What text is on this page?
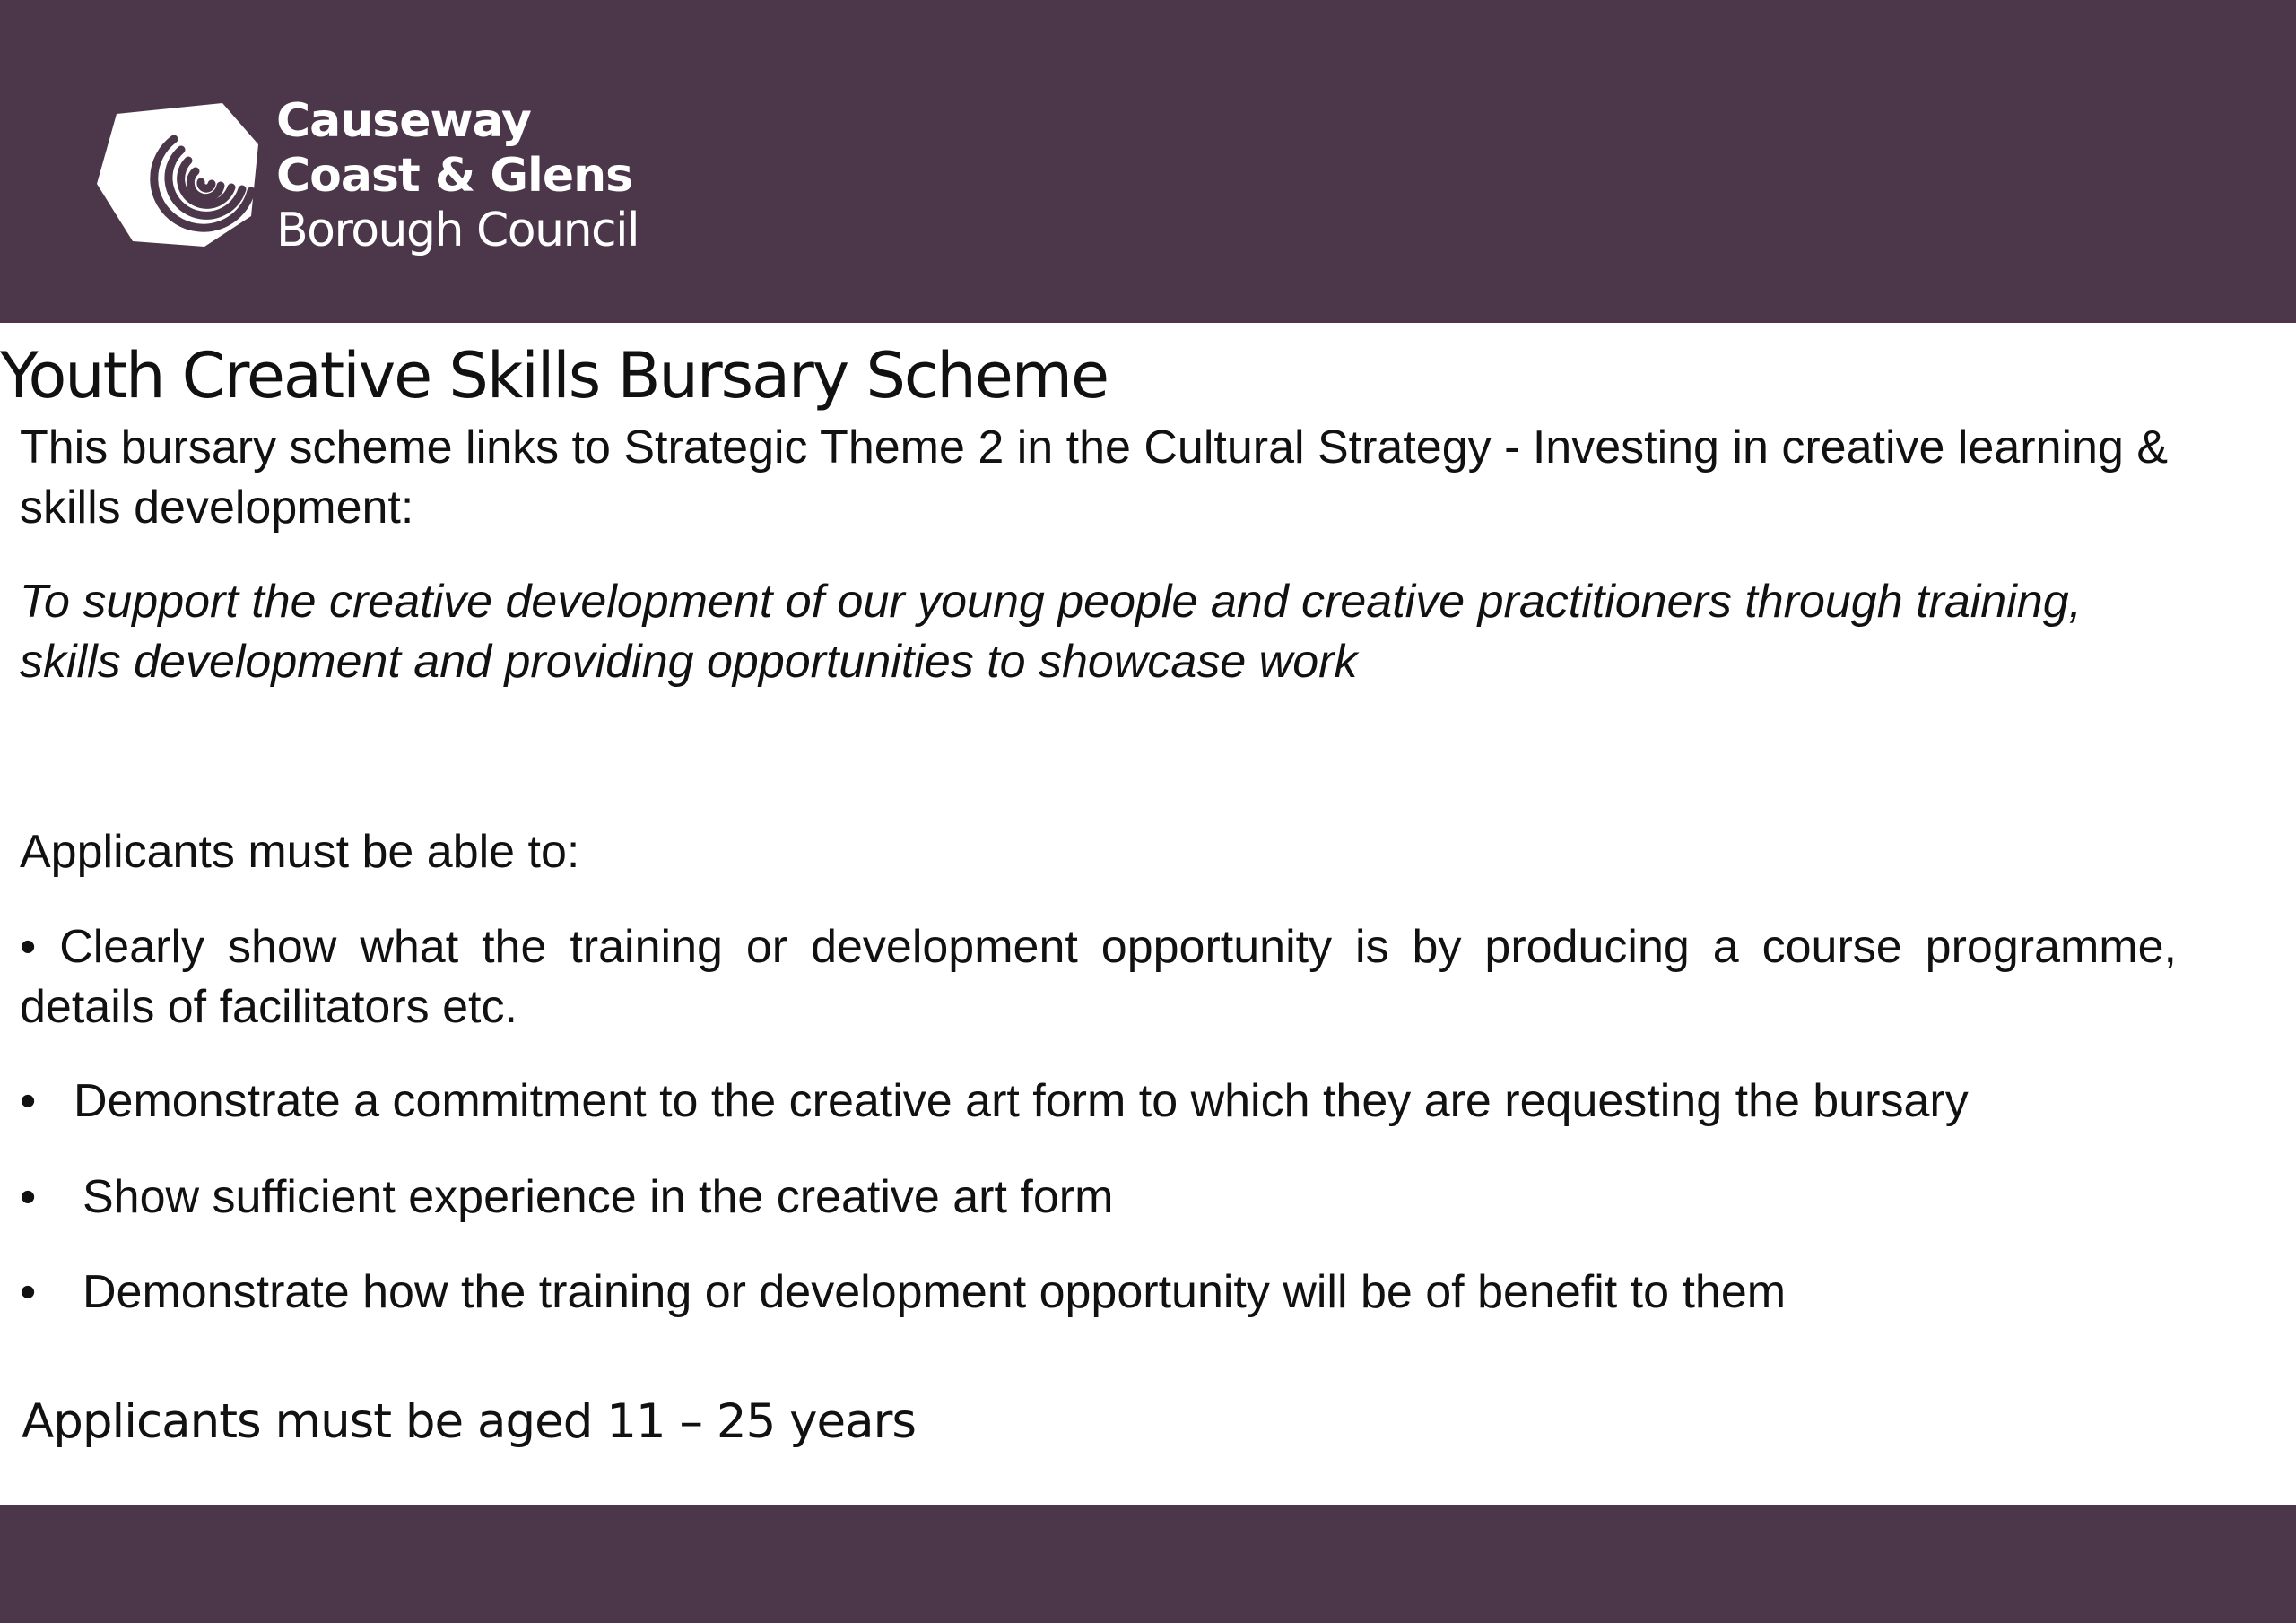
Causeway
Coast & Glens
Borough Council
Youth Creative Skills Bursary Scheme

This bursary scheme links to Strategic Theme 2 in the Cultural Strategy - Investing in creative learning & skills development:

To support the creative development of our young people and creative practitioners through training, skills development and providing opportunities to showcase work

Applicants must be able to:

• Clearly show what the training or development opportunity is by producing a course programme, details of facilitators etc.

• Demonstrate a commitment to the creative art form to which they are requesting the bursary

• Show sufficient experience in the creative art form

• Demonstrate how the training or development opportunity will be of benefit to them

Applicants must be aged 11 – 25 years
